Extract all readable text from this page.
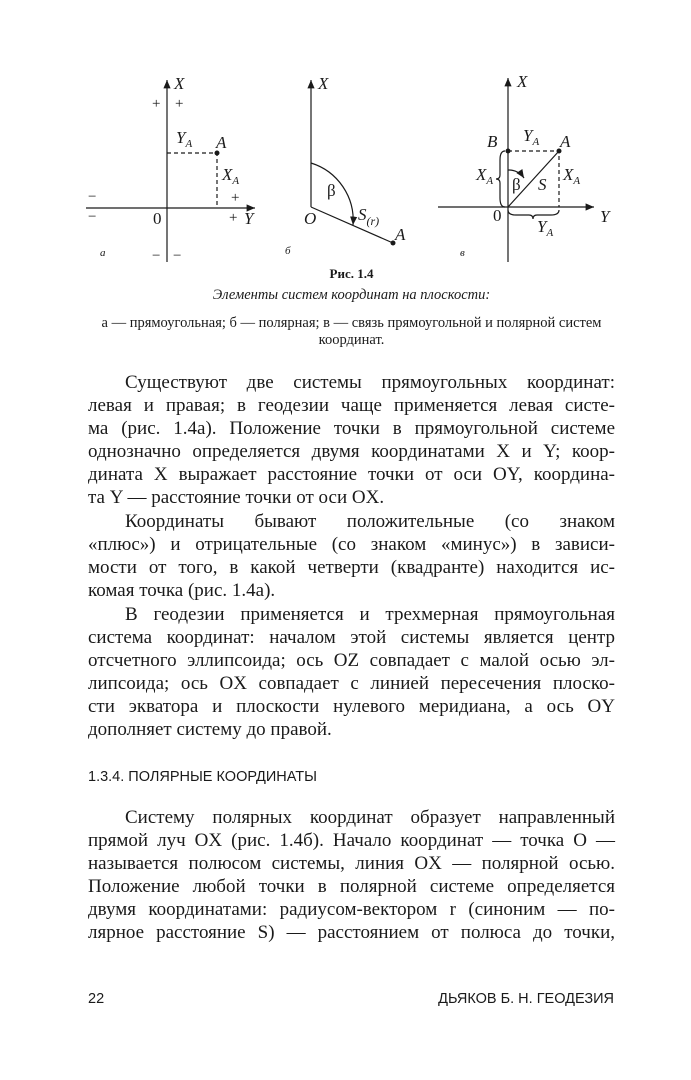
X
+ +
$Y_A$ A
$X_A$
−
−
+
+ Y
0
а	− −
X
β
O $S_{(r)}$
A
б
X
B $Y_A$ A
$X_A$ β S
$X_A$
0
$Y_A$
Y
в
Рис. 1.4
Элементы систем координат на плоскости:
а — прямоугольная; б — полярная; в — связь прямоугольной и полярной систем координат.
Существуют две системы прямоугольных координат:
левая и правая; в геодезии чаще применяется левая систе-
ма (рис. 1.4а). Положение точки в прямоугольной системе
однозначно определяется двумя координатами X и Y; коор-
дината X выражает расстояние точки от оси OY, координа-
та Y — расстояние точки от оси OX.
Координаты бывают положительные (со знаком
«плюс») и отрицательные (со знаком «минус») в зависи-
мости от того, в какой четверти (квадранте) находится ис-
комая точка (рис. 1.4а).
В геодезии применяется и трехмерная прямоугольная
система координат: началом этой системы является центр
отсчетного эллипсоида; ось OZ совпадает с малой осью эл-
липсоида; ось OX совпадает с линией пересечения плоско-
сти экватора и плоскости нулевого меридиана, а ось OY
дополняет систему до правой.
1.3.4. ПОЛЯРНЫЕ КООРДИНАТЫ
Систему полярных координат образует направленный
прямой луч OX (рис. 1.4б). Начало координат — точка O —
называется полюсом системы, линия OX — полярной осью.
Положение любой точки в полярной системе определяется
двумя координатами: радиусом-вектором r (синоним — по-
лярное расстояние S) — расстоянием от полюса до точки,
22	ДЬЯКОВ Б. Н. ГЕОДЕЗИЯ
